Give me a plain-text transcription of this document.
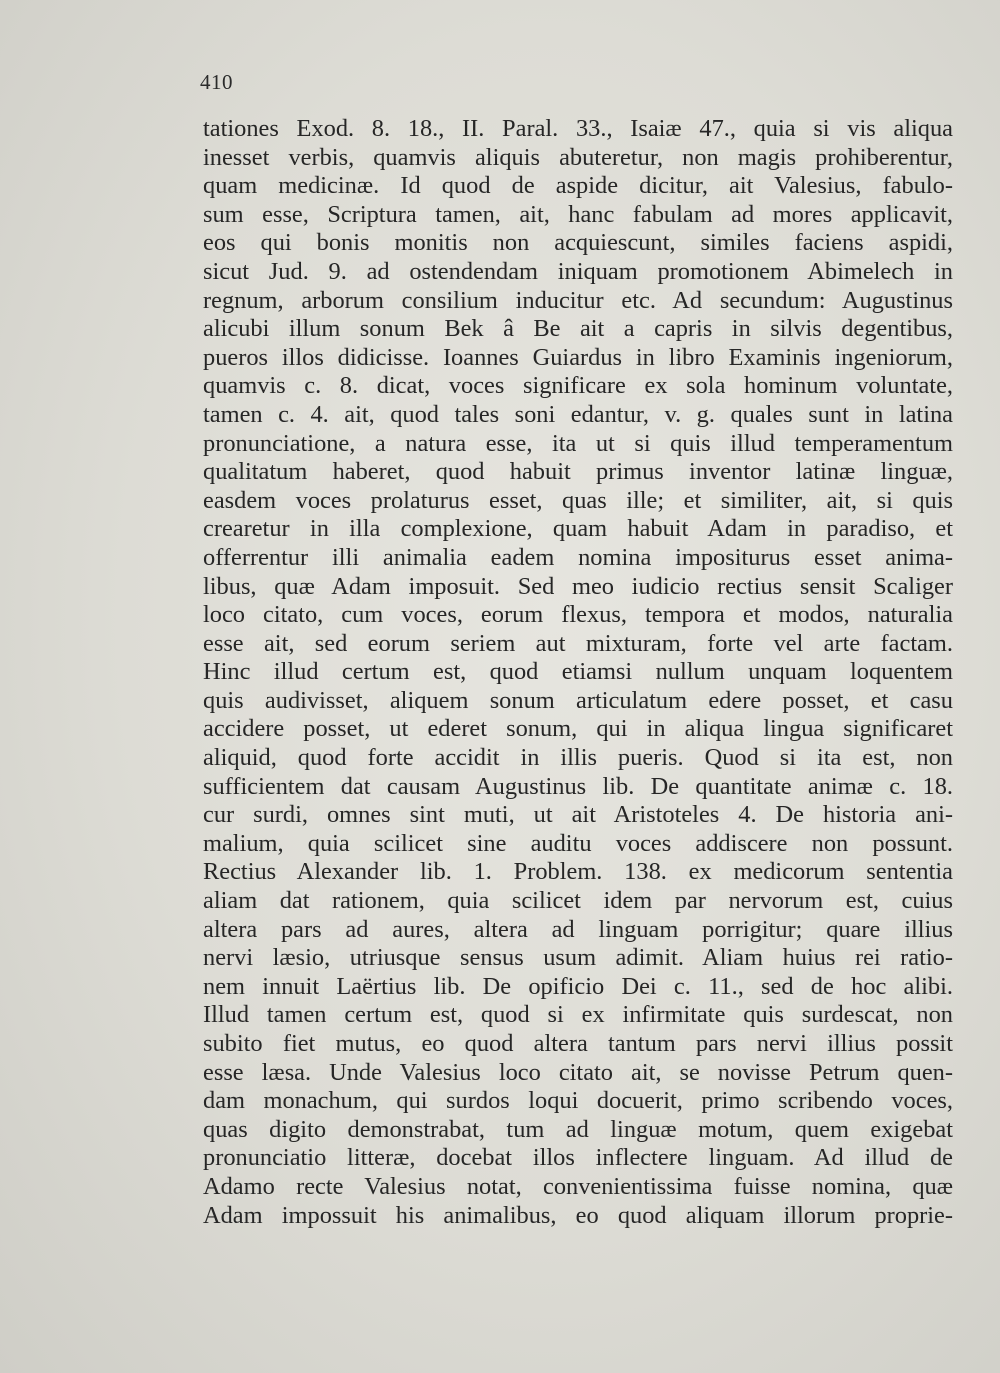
410
tationes Exod. 8. 18., II. Paral. 33., Isaiæ 47., quia si vis aliqua
inesset verbis, quamvis aliquis abuteretur, non magis prohiberentur,
quam medicinæ. Id quod de aspide dicitur, ait Valesius, fabulo-
sum esse, Scriptura tamen, ait, hanc fabulam ad mores applicavit,
eos qui bonis monitis non acquiescunt, similes faciens aspidi,
sicut Jud. 9. ad ostendendam iniquam promotionem Abimelech in
regnum, arborum consilium inducitur etc. Ad secundum: Augustinus
alicubi illum sonum Bek â Be ait a capris in silvis degentibus,
pueros illos didicisse. Ioannes Guiardus in libro Examinis ingeniorum,
quamvis c. 8. dicat, voces significare ex sola hominum voluntate,
tamen c. 4. ait, quod tales soni edantur, v. g. quales sunt in latina
pronunciatione, a natura esse, ita ut si quis illud temperamentum
qualitatum haberet, quod habuit primus inventor latinæ linguæ,
easdem voces prolaturus esset, quas ille; et similiter, ait, si quis
crearetur in illa complexione, quam habuit Adam in paradiso, et
offerrentur illi animalia eadem nomina impositurus esset anima-
libus, quæ Adam imposuit. Sed meo iudicio rectius sensit Scaliger
loco citato, cum voces, eorum flexus, tempora et modos, naturalia
esse ait, sed eorum seriem aut mixturam, forte vel arte factam.
Hinc illud certum est, quod etiamsi nullum unquam loquentem
quis audivisset, aliquem sonum articulatum edere posset, et casu
accidere posset, ut ederet sonum, qui in aliqua lingua significaret
aliquid, quod forte accidit in illis pueris. Quod si ita est, non
sufficientem dat causam Augustinus lib. De quantitate animæ c. 18.
cur surdi, omnes sint muti, ut ait Aristoteles 4. De historia ani-
malium, quia scilicet sine auditu voces addiscere non possunt.
Rectius Alexander lib. 1. Problem. 138. ex medicorum sententia
aliam dat rationem, quia scilicet idem par nervorum est, cuius
altera pars ad aures, altera ad linguam porrigitur; quare illius
nervi læsio, utriusque sensus usum adimit. Aliam huius rei ratio-
nem innuit Laërtius lib. De opificio Dei c. 11., sed de hoc alibi.
Illud tamen certum est, quod si ex infirmitate quis surdescat, non
subito fiet mutus, eo quod altera tantum pars nervi illius possit
esse læsa. Unde Valesius loco citato ait, se novisse Petrum quen-
dam monachum, qui surdos loqui docuerit, primo scribendo voces,
quas digito demonstrabat, tum ad linguæ motum, quem exigebat
pronunciatio litteræ, docebat illos inflectere linguam. Ad illud de
Adamo recte Valesius notat, convenientissima fuisse nomina, quæ
Adam impossuit his animalibus, eo quod aliquam illorum proprie-
